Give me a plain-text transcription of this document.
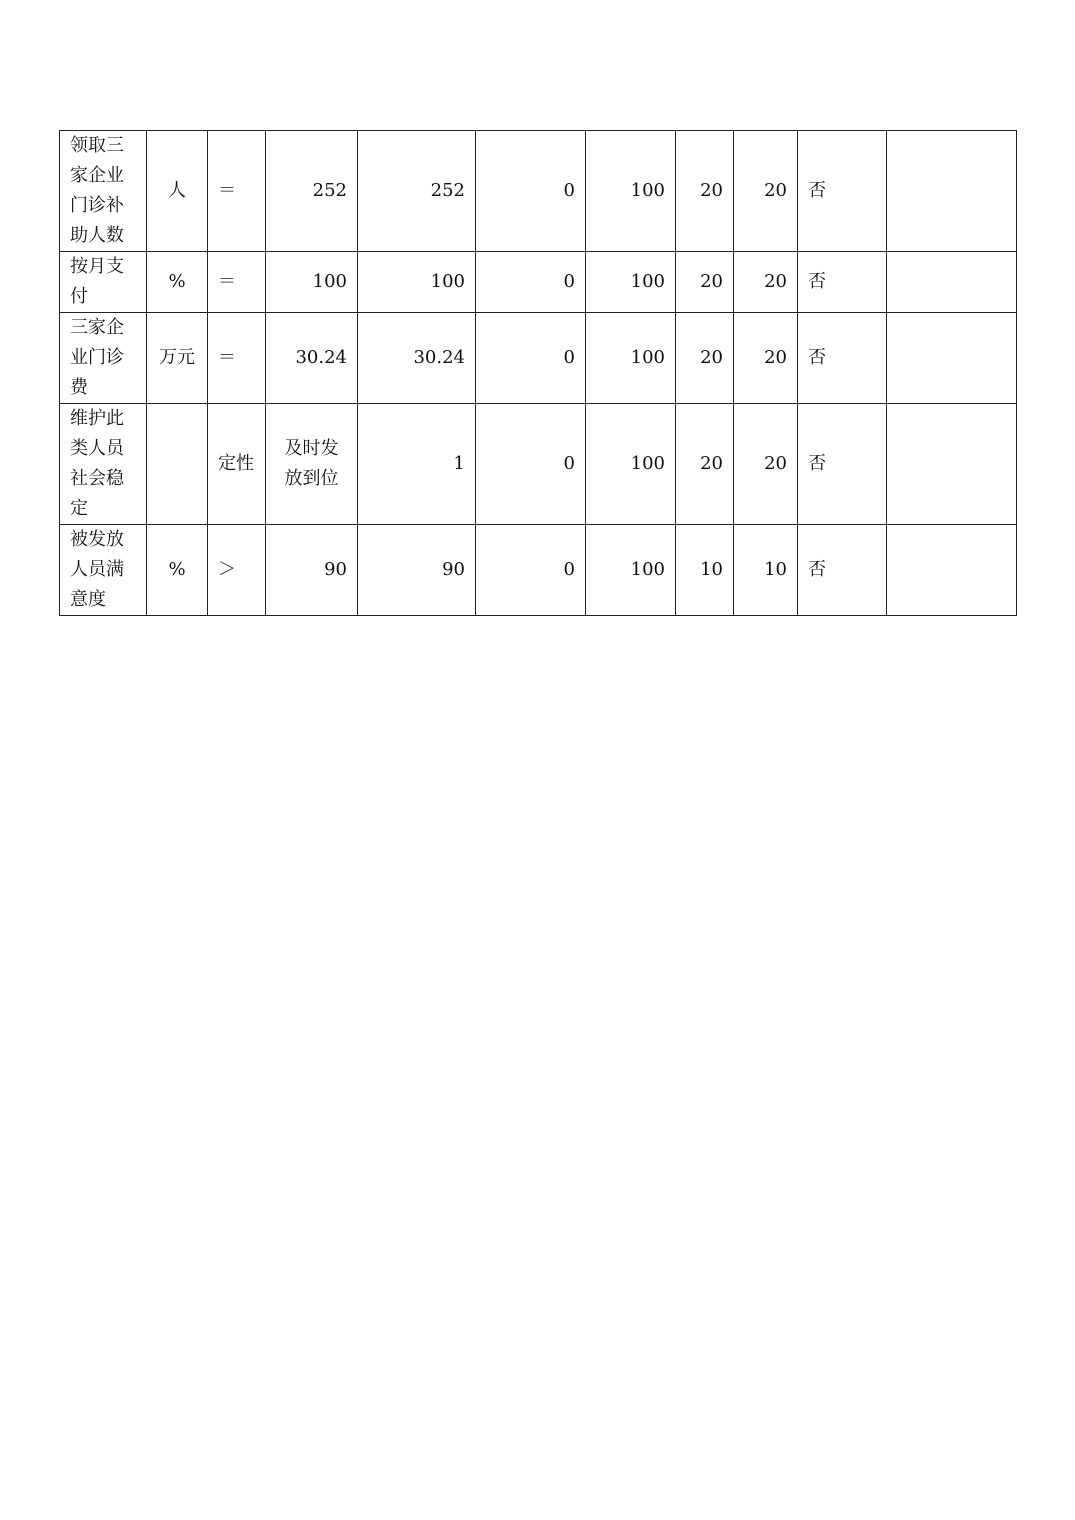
领取三家企业门诊补助人数	人	＝	252	252	0	100	20	20	否	
按月支付	%	＝	100	100	0	100	20	20	否	
三家企业门诊费	万元	＝	30.24	30.24	0	100	20	20	否	
维护此类人员社会稳定		定性	及时发放到位	1	0	100	20	20	否	
被发放人员满意度	%	＞	90	90	0	100	10	10	否	
